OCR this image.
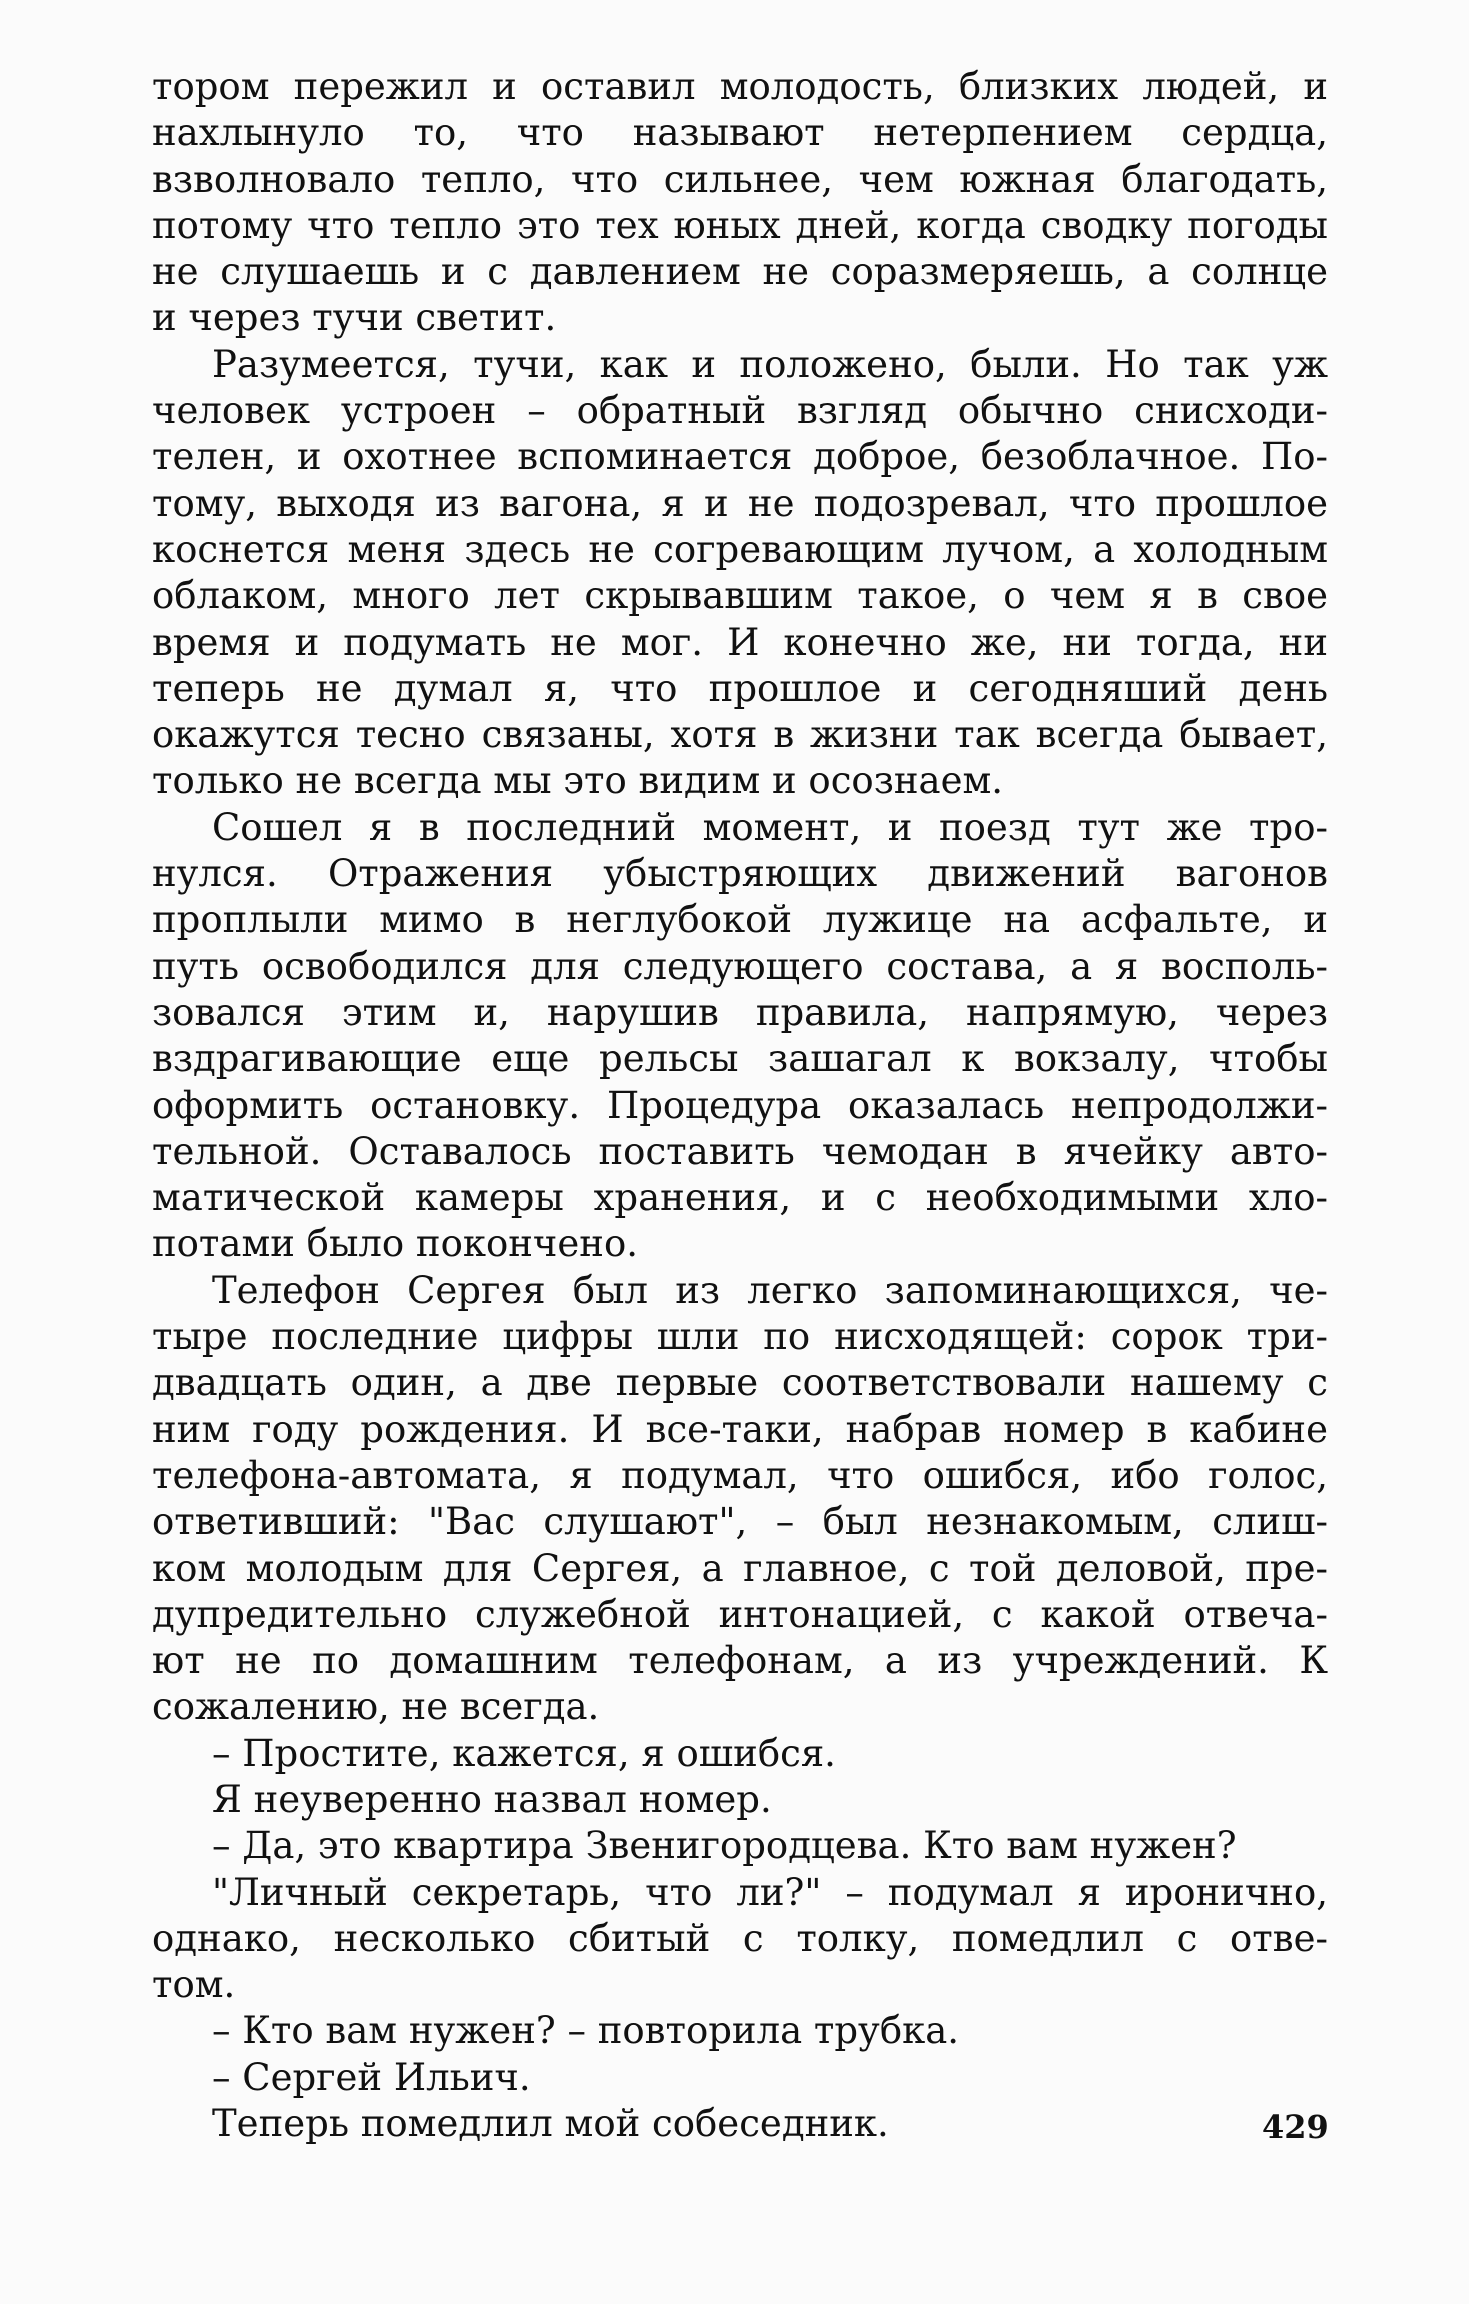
тором пережил и оставил молодость, близких людей, и
нахлынуло то, что называют нетерпением сердца,
взволновало тепло, что сильнее, чем южная благодать,
потому что тепло это тех юных дней, когда сводку погоды
не слушаешь и с давлением не соразмеряешь, а солнце
и через тучи светит.
Разумеется, тучи, как и положено, были. Но так уж
человек устроен – обратный взгляд обычно снисходи-
телен, и охотнее вспоминается доброе, безоблачное. По-
тому, выходя из вагона, я и не подозревал, что прошлое
коснется меня здесь не согревающим лучом, а холодным
облаком, много лет скрывавшим такое, о чем я в свое
время и подумать не мог. И конечно же, ни тогда, ни
теперь не думал я, что прошлое и сегодняший день
окажутся тесно связаны, хотя в жизни так всегда бывает,
только не всегда мы это видим и осознаем.
Сошел я в последний момент, и поезд тут же тро-
нулся. Отражения убыстряющих движений вагонов
проплыли мимо в неглубокой лужице на асфальте, и
путь освободился для следующего состава, а я восполь-
зовался этим и, нарушив правила, напрямую, через
вздрагивающие еще рельсы зашагал к вокзалу, чтобы
оформить остановку. Процедура оказалась непродолжи-
тельной. Оставалось поставить чемодан в ячейку авто-
матической камеры хранения, и с необходимыми хло-
потами было покончено.
Телефон Сергея был из легко запоминающихся, че-
тыре последние цифры шли по нисходящей: сорок три-
двадцать один, а две первые соответствовали нашему с
ним году рождения. И все-таки, набрав номер в кабине
телефона-автомата, я подумал, что ошибся, ибо голос,
ответивший: "Вас слушают", – был незнакомым, слиш-
ком молодым для Сергея, а главное, с той деловой, пре-
дупредительно служебной интонацией, с какой отвеча-
ют не по домашним телефонам, а из учреждений. К
сожалению, не всегда.
– Простите, кажется, я ошибся.
Я неуверенно назвал номер.
– Да, это квартира Звенигородцева. Кто вам нужен?
"Личный секретарь, что ли?" – подумал я иронично,
однако, несколько сбитый с толку, помедлил с отве-
том.
– Кто вам нужен? – повторила трубка.
– Сергей Ильич.
Теперь помедлил мой собеседник.	429
